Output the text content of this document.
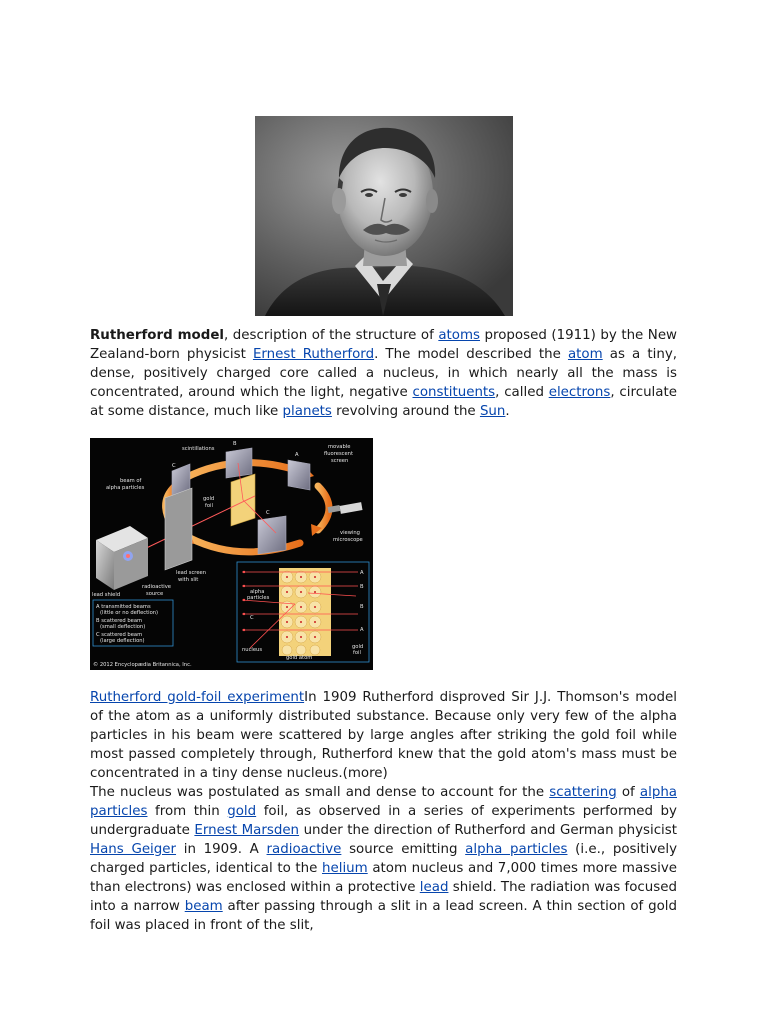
Rutherford model, description of the structure of atoms proposed (1911) by the New Zealand-born physicist Ernest Rutherford. The model described the atom as a tiny, dense, positively charged core called a nucleus, in which nearly all the mass is concentrated, around which the light, negative constituents, called electrons, circulate at some distance, much like planets revolving around the Sun.

scintillations
B
C
A
C
movable
fluorescent
screen
beam of
alpha particles
gold
foil
viewing
microscope
lead screen
with slit
lead shield
radioactive
source
A transmitted beams
(little or no deflection)
B scattered beam
(small deflection)
C scattered beam
(large deflection)
alpha
particles
C
A
B
B
A
nucleus
gold atom
gold
foil
© 2012 Encyclopædia Britannica, Inc.

Rutherford gold-foil experimentIn 1909 Rutherford disproved Sir J.J. Thomson's model of the atom as a uniformly distributed substance. Because only very few of the alpha particles in his beam were scattered by large angles after striking the gold foil while most passed completely through, Rutherford knew that the gold atom's mass must be concentrated in a tiny dense nucleus.(more)

The nucleus was postulated as small and dense to account for the scattering of alpha particles from thin gold foil, as observed in a series of experiments performed by undergraduate Ernest Marsden under the direction of Rutherford and German physicist Hans Geiger in 1909. A radioactive source emitting alpha particles (i.e., positively charged particles, identical to the helium atom nucleus and 7,000 times more massive than electrons) was enclosed within a protective lead shield. The radiation was focused into a narrow beam after passing through a slit in a lead screen. A thin section of gold foil was placed in front of the slit,
